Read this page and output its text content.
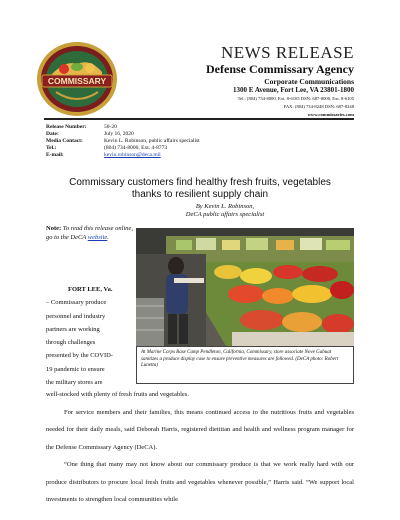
COMMISSARY
NEWS RELEASE
Defense Commissary Agency
Corporate Communications
1300 E Avenue, Fort Lee, VA 23801-1800
Tel.: (804) 734-8000, Ext. 8-6105 DSN: 687-8000, Ext. 8-6105
FAX: (804) 734-8248 DSN: 687-8248
www.commissaries.com
Release Number:	50-20
Date:	July 16, 2020
Media Contact:	Kevin L. Robinson, public affairs specialist
Tel.:	(804) 734-8000, Ext. 4-8773
E-mail:	kevin.robinson@deca.mil
Commissary customers find healthy fresh fruits, vegetables
thanks to resilient supply chain
By Kevin L. Robinson,
DeCA public affairs specialist
Note: To read this release online, go to the DeCA website.
At Marine Corps Base Camp Pendleton, California, Commissary, store associate Nove Gabuat sanitizes a produce display case to ensure preventive measures are followed. (DeCA photo: Robert Lunetta)
FORT LEE, Va.
– Commissary produce
personnel and industry
partners are working
through challenges
presented by the COVID-
19 pandemic to ensure
the military stores are

well-stocked with plenty of fresh fruits and vegetables.

For service members and their families, this means continued access to the nutritious fruits and vegetables needed for their daily meals, said Deborah Harris, registered dietitian and health and wellness program manager for the Defense Commissary Agency (DeCA).

“One thing that many may not know about our commissary produce is that we work really hard with our produce distributors to procure local fresh fruits and vegetables whenever possible,” Harris said. “We support local investments to strengthen local communities while
